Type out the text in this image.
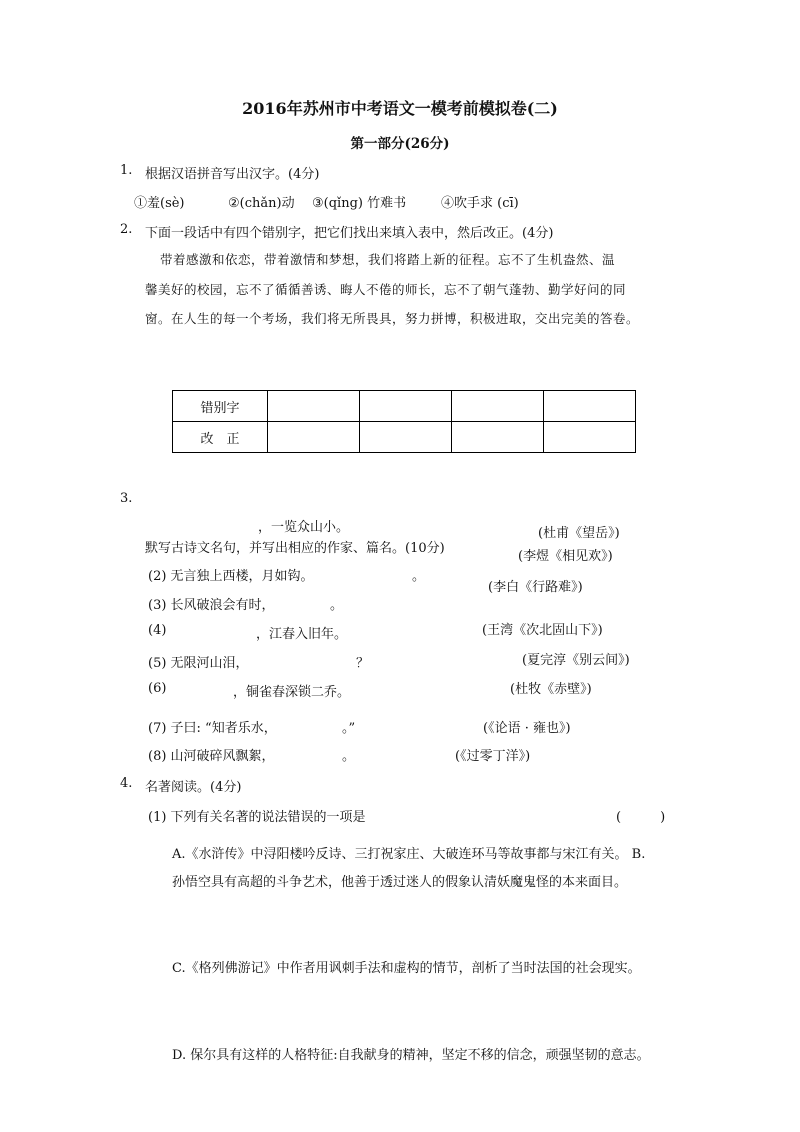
2016年苏州市中考语文一模考前模拟卷(二)
第一部分(26分)
1. 根据汉语拼音写出汉字。(4分)
①羞(sè)	②(chǎn)动 ③(qǐng) 竹难书	④吹手求 (cī)
2. 下面一段话中有四个错别字，把它们找出来填入表中，然后改正。(4分)
带着感激和依恋，带着激情和梦想，我们将踏上新的征程。忘不了生机盎然、温
馨美好的校园，忘不了循循善诱、晦人不倦的师长，忘不了朝气蓬勃、勤学好问的同
窗。在人生的每一个考场，我们将无所畏具，努力拼博，积极进取，交出完美的答卷。
错别字				
改　正				
3.
，一览众山小。
默写古诗文名句，并写出相应的作家、篇名。(10分)
(2) 无言独上西楼，月如钩。	。
(3) 长风破浪会有时，	。
(4)	，江春入旧年。
(5) 无限河山泪，	？
(6)	，铜雀春深锁二乔。
(7) 子曰: “知者乐水，	。”
(8) 山河破碎风飘絮，	。
(杜甫《望岳》)
(李煜《相见欢》)
(李白《行路难》)
(王湾《次北固山下》)
(夏完淳《别云间》)
(杜牧《赤壁》)
(《论语 · 雍也》)
(《过零丁洋》)
4. 名著阅读。(4分)
(1) 下列有关名著的说法错误的一项是	(　　　)
A.《水浒传》中浔阳楼吟反诗、三打祝家庄、大破连环马等故事都与宋江有关。 B.
孙悟空具有高超的斗争艺术，他善于透过迷人的假象认清妖魔鬼怪的本来面目。
C.《格列佛游记》中作者用讽刺手法和虚构的情节，剖析了当时法国的社会现实。
D. 保尔具有这样的人格特征:自我献身的精神，坚定不移的信念，顽强坚韧的意志。
